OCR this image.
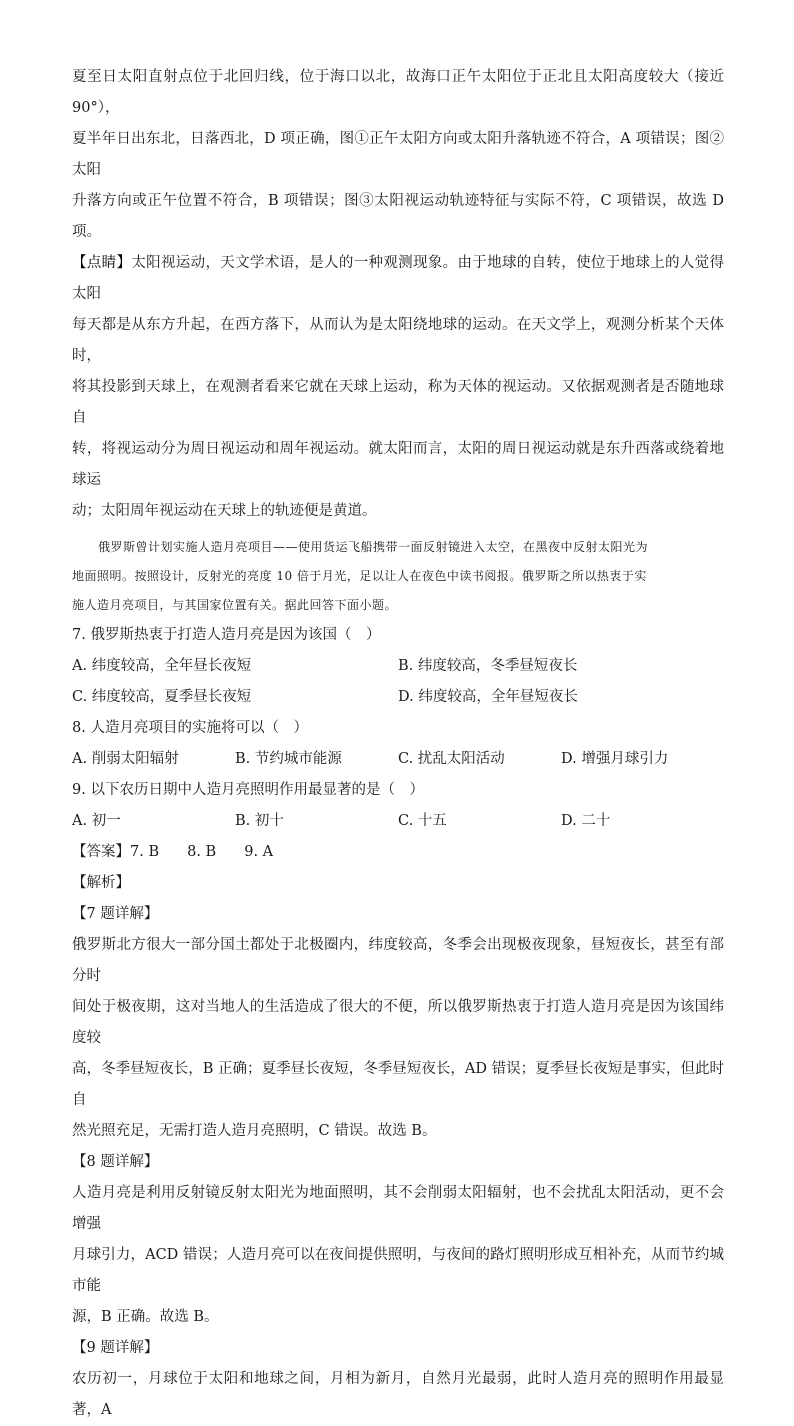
夏至日太阳直射点位于北回归线，位于海口以北，故海口正午太阳位于正北且太阳高度较大（接近 90°），

夏半年日出东北，日落西北，D 项正确，图①正午太阳方向或太阳升落轨迹不符合，A 项错误；图②太阳

升落方向或正午位置不符合，B 项错误；图③太阳视运动轨迹特征与实际不符，C 项错误，故选 D 项。

【点睛】太阳视运动，天文学术语，是人的一种观测现象。由于地球的自转，使位于地球上的人觉得太阳

每天都是从东方升起，在西方落下，从而认为是太阳绕地球的运动。在天文学上，观测分析某个天体时，

将其投影到天球上，在观测者看来它就在天球上运动，称为天体的视运动。又依据观测者是否随地球自

转，将视运动分为周日视运动和周年视运动。就太阳而言，太阳的周日视运动就是东升西落或绕着地球运

动；太阳周年视运动在天球上的轨迹便是黄道。

俄罗斯曾计划实施人造月亮项目——使用货运飞船携带一面反射镜进入太空，在黑夜中反射太阳光为

地面照明。按照设计，反射光的亮度 10 倍于月光，足以让人在夜色中读书阅报。俄罗斯之所以热衷于实

施人造月亮项目，与其国家位置有关。据此回答下面小题。

7. 俄罗斯热衷于打造人造月亮是因为该国（　）

A. 纬度较高，全年昼长夜短	B. 纬度较高，冬季昼短夜长
C. 纬度较高，夏季昼长夜短	D. 纬度较高，全年昼短夜长

8. 人造月亮项目的实施将可以（　）

A. 削弱太阳辐射	B. 节约城市能源	C. 扰乱太阳活动	D. 增强月球引力

9. 以下农历日期中人造月亮照明作用最显著的是（　）

A. 初一	B. 初十	C. 十五	D. 二十

【答案】7. B 8. B 9. A

【解析】

【7 题详解】

俄罗斯北方很大一部分国土都处于北极圈内，纬度较高，冬季会出现极夜现象，昼短夜长，甚至有部分时

间处于极夜期，这对当地人的生活造成了很大的不便，所以俄罗斯热衷于打造人造月亮是因为该国纬度较

高，冬季昼短夜长，B 正确；夏季昼长夜短，冬季昼短夜长，AD 错误；夏季昼长夜短是事实，但此时自

然光照充足，无需打造人造月亮照明，C 错误。故选 B。

【8 题详解】

人造月亮是利用反射镜反射太阳光为地面照明，其不会削弱太阳辐射，也不会扰乱太阳活动，更不会增强

月球引力，ACD 错误；人造月亮可以在夜间提供照明，与夜间的路灯照明形成互相补充，从而节约城市能

源，B 正确。故选 B。

【9 题详解】

农历初一，月球位于太阳和地球之间，月相为新月，自然月光最弱，此时人造月亮的照明作用最显著，A
